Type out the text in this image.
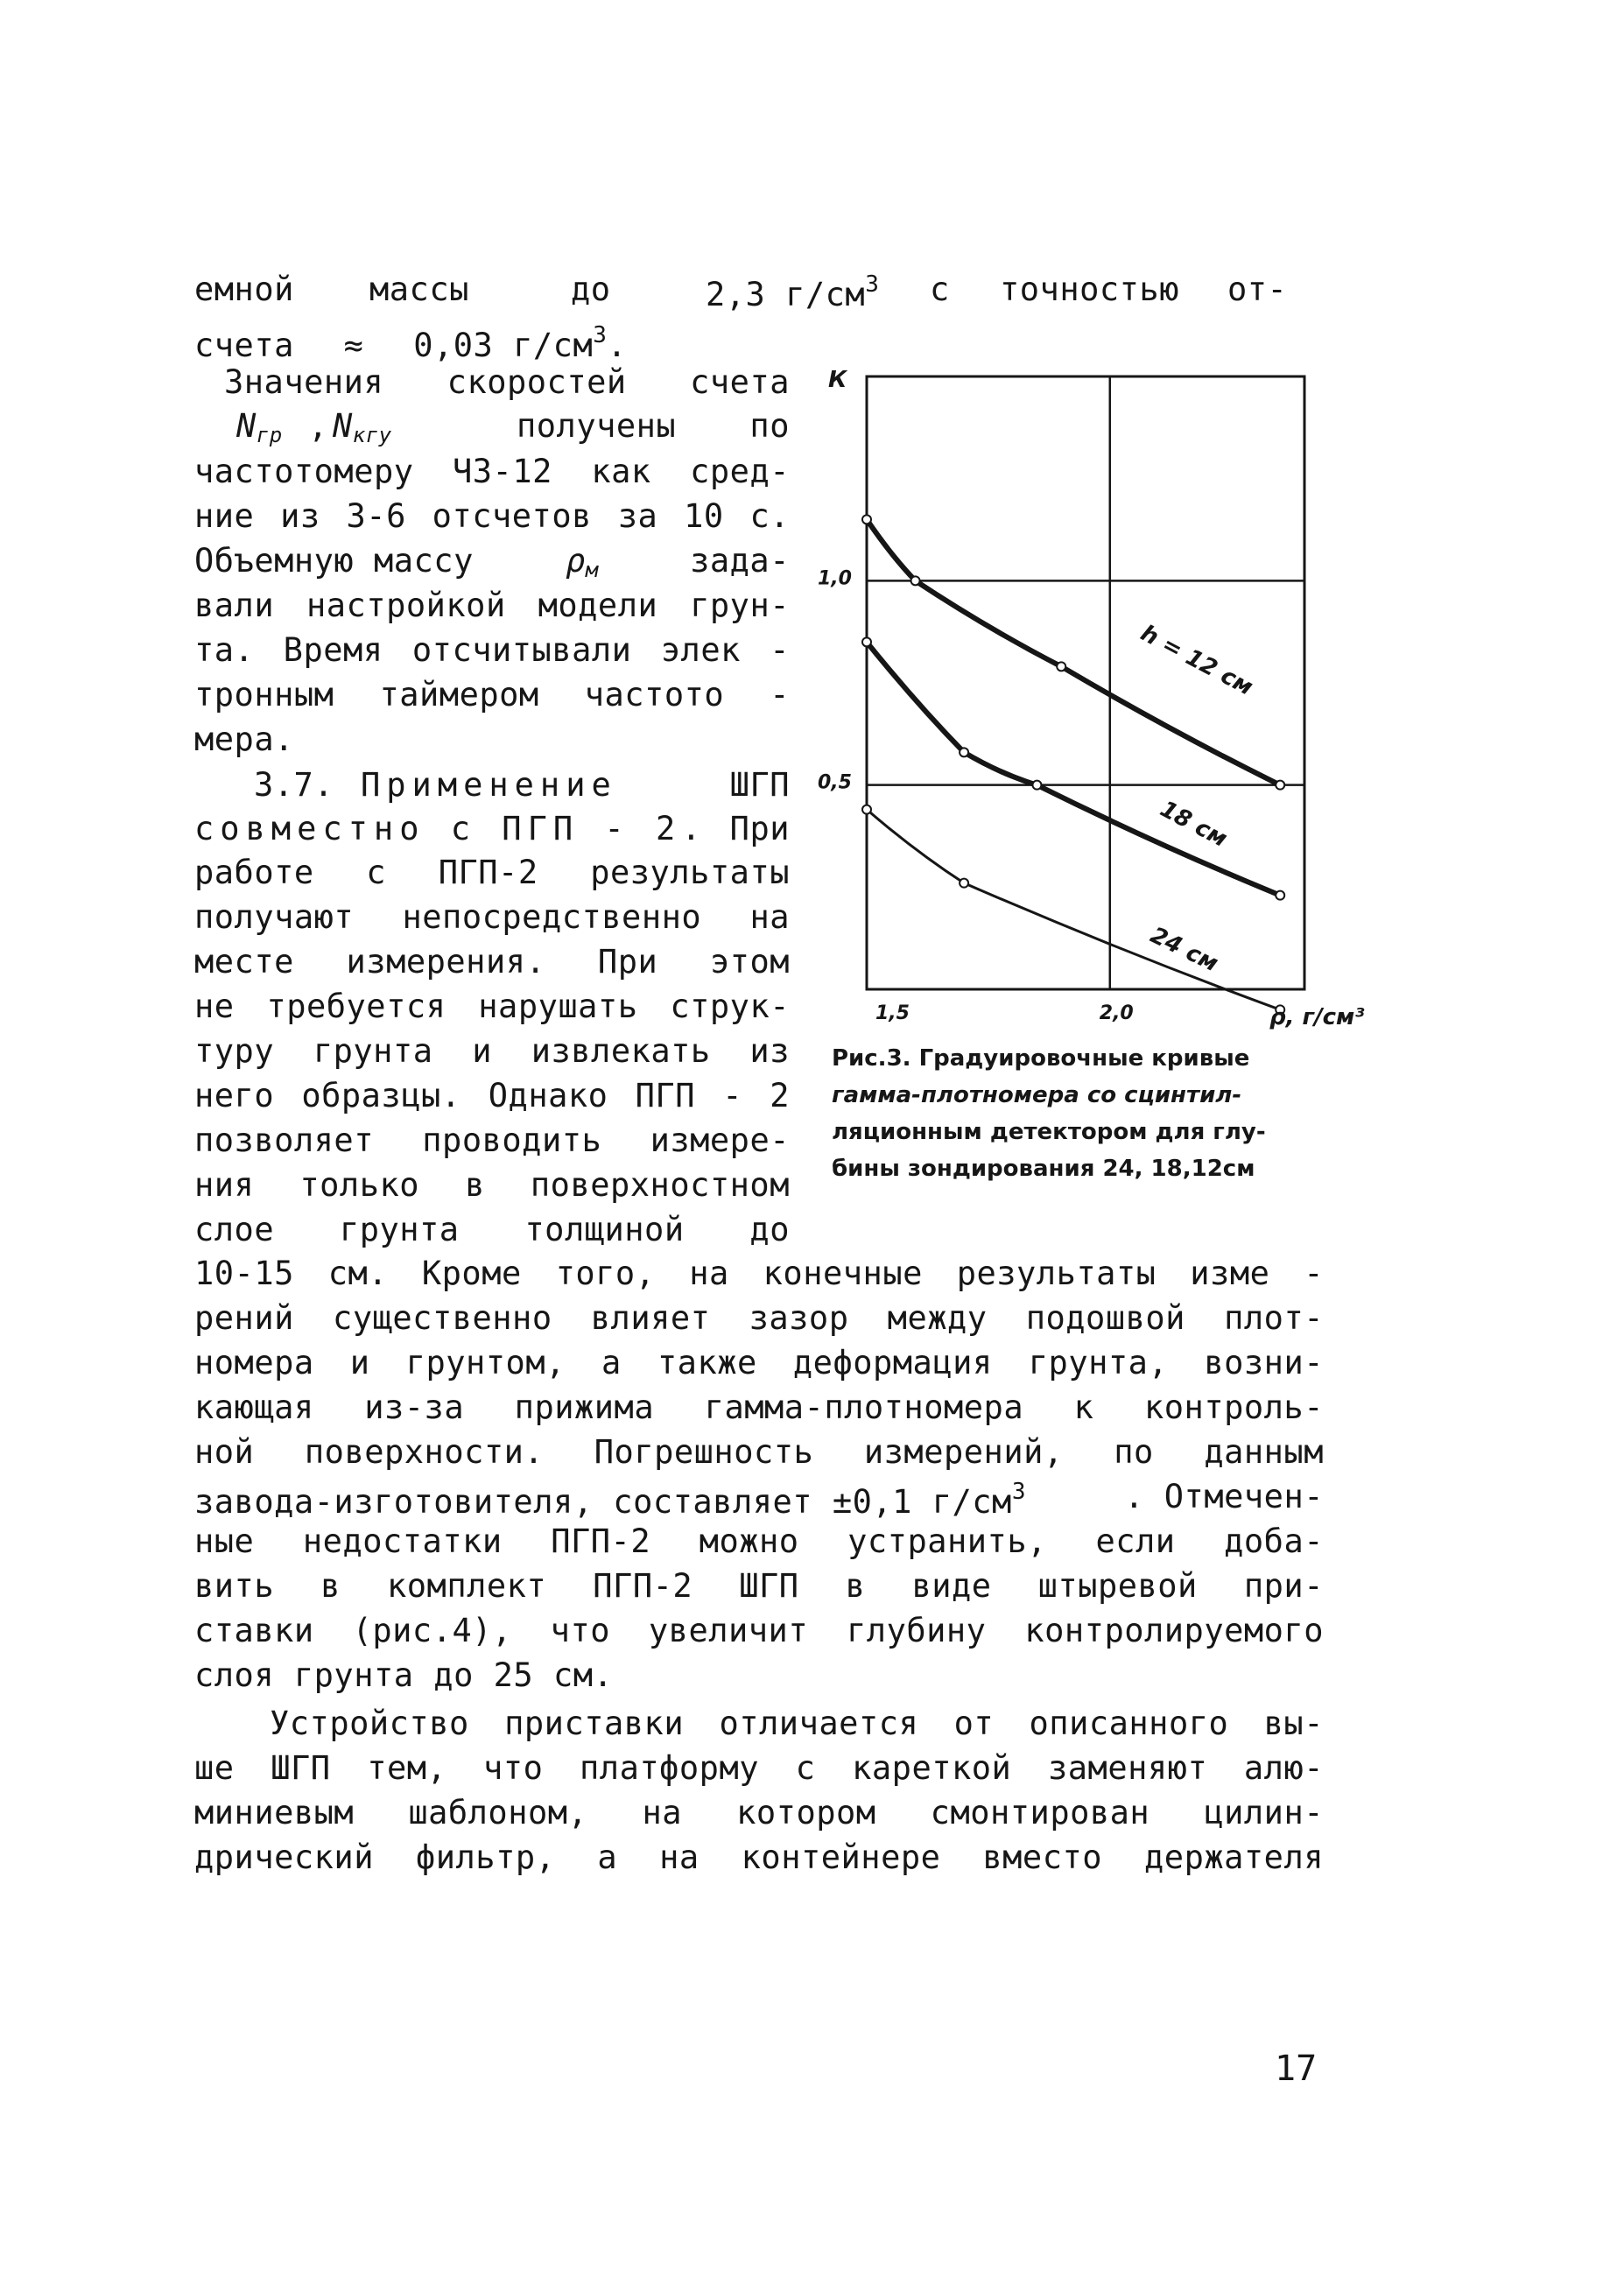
емной массы	до	2,3 $г/см^3$ с точностью от-
счета ≈ 0,03 $г/см^3$.
Значения скоростей счета
$N_{гр}$ , $N_{кгу}$	получены по
частотомеру ЧЗ-12 как сред-
ние из 3-6 отсчетов за 10 с.
Объемную массу	$\rho_м$	зада-
вали настройкой модели грун-
та. Время отсчитывали элек -
тронным таймером частото -
мера.
3.7. Применение	ШГП
совместно с ПГП - 2. При
работе с ПГП-2 результаты
получают непосредственно на
месте измерения. При этом
не требуется нарушать струк-
туру грунта и извлекать из
него образцы. Однако ПГП - 2
позволяет проводить измере-
ния только в поверхностном
слое грунта толщиной до
h = 12 см
18 см
24 см
К
1,0
0,5
1,5	2,0	ρ, г/см³
Рис.3. Градуировочные кривые
гамма-плотномера со сцинтил-
ляционным детектором для глу-
бины зондирования 24, 18,12см
10-15 см. Кроме того, на конечные результаты изме -
рений существенно влияет зазор между подошвой плот-
номера и грунтом, а также деформация грунта, возни-
кающая из-за прижима гамма-плотномера к контроль-
ной поверхности. Погрешность измерений, по данным
завода-изготовителя, составляет ±0,1 $г/см^3$	. Отмечен-
ные недостатки ПГП-2 можно устранить, если доба-
вить в комплект ПГП-2 ШГП в виде штыревой при-
ставки (рис.4), что увеличит глубину контролируемого
слоя грунта до 25 см.
Устройство приставки отличается от описанного вы-
ше ШГП тем, что платформу с кареткой заменяют алю-
миниевым шаблоном, на котором смонтирован цилин-
дрический фильтр, а на контейнере вместо держателя
17
